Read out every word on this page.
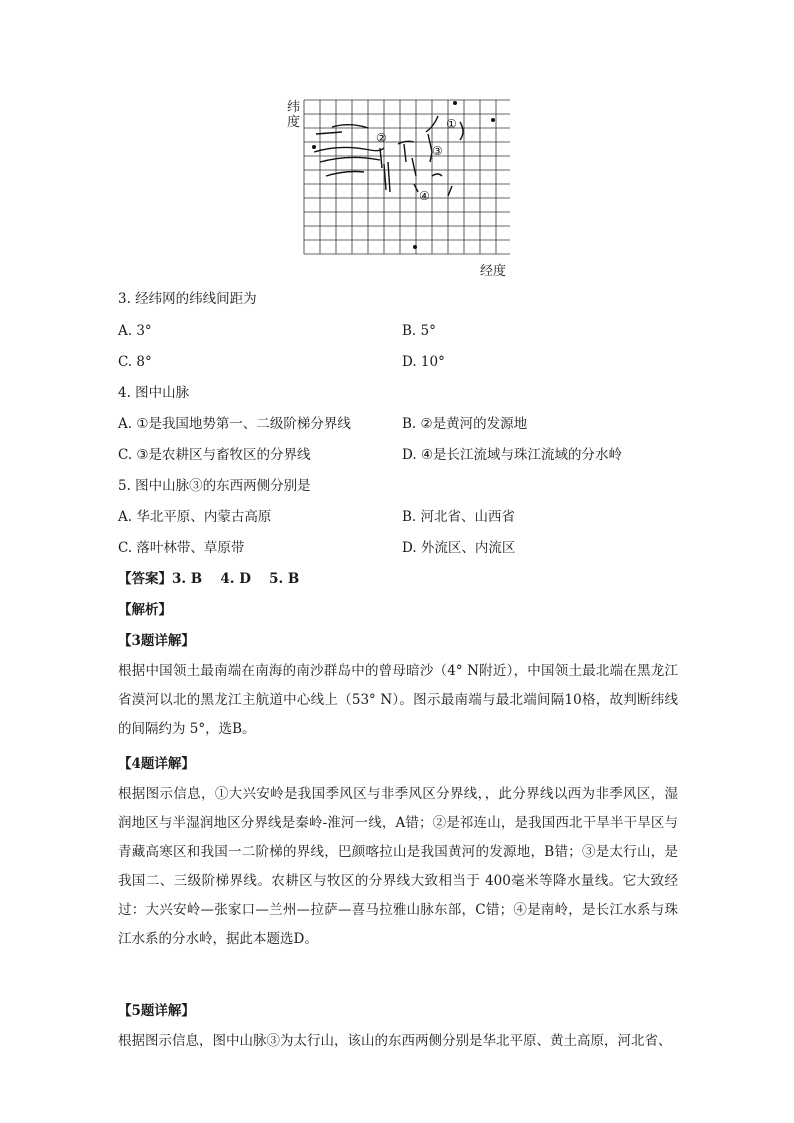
②
①
③
④
纬度
经度
3. 经纬网的纬线间距为
A. 3°	B. 5°
C. 8°	D. 10°
4. 图中山脉
A. ①是我国地势第一、二级阶梯分界线	B. ②是黄河的发源地
C. ③是农耕区与畜牧区的分界线	D. ④是长江流域与珠江流域的分水岭
5. 图中山脉③的东西两侧分别是
A. 华北平原、内蒙古高原	B. 河北省、山西省
C. 落叶林带、草原带	D. 外流区、内流区
【答案】3. B　 4. D　 5. B
【解析】
【3题详解】
根据中国领土最南端在南海的南沙群岛中的曾母暗沙（4° N附近），中国领土最北端在黑龙江省漠河以北的黑龙江主航道中心线上（53° N）。图示最南端与最北端间隔10格，故判断纬线的间隔约为 5°，选B。
【4题详解】
根据图示信息，①大兴安岭是我国季风区与非季风区分界线，，此分界线以西为非季风区，湿润地区与半湿润地区分界线是秦岭-淮河一线，A错；②是祁连山，是我国西北干旱半干旱区与青藏高寒区和我国一二阶梯的界线，巴颜喀拉山是我国黄河的发源地，B错；③是太行山，是我国二、三级阶梯界线。农耕区与牧区的分界线大致相当于 400毫米等降水量线。它大致经过：大兴安岭—张家口—兰州—拉萨—喜马拉雅山脉东部，C错；④是南岭，是长江水系与珠江水系的分水岭，据此本题选D。
【5题详解】
根据图示信息，图中山脉③为太行山，该山的东西两侧分别是华北平原、黄土高原，河北省、
